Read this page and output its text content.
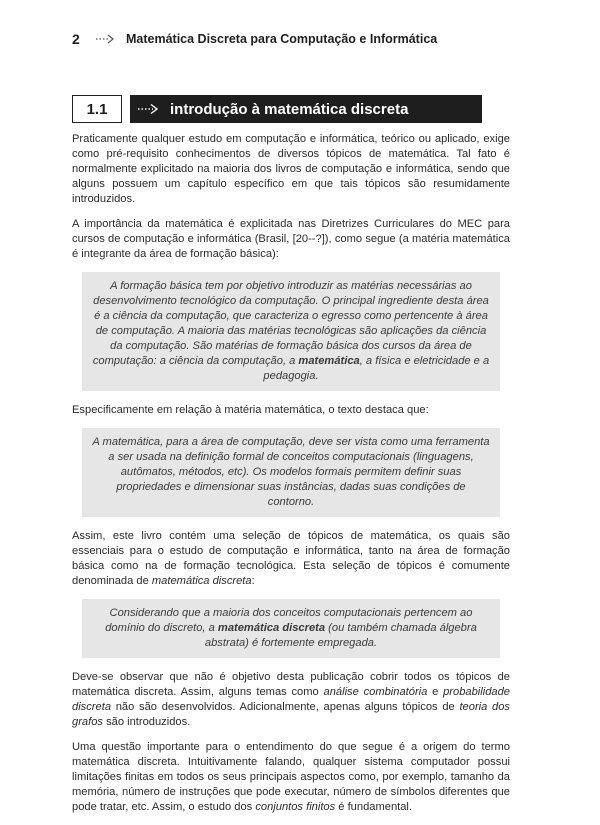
2	Matemática Discreta para Computação e Informática
1.1	introdução à matemática discreta

Praticamente qualquer estudo em computação e informática, teórico ou aplicado, exige como pré-requisito conhecimentos de diversos tópicos de matemática. Tal fato é normalmente explicitado na maioria dos livros de computação e informática, sendo que alguns possuem um capítulo específico em que tais tópicos são resumidamente introduzidos.

A importância da matemática é explicitada nas Diretrizes Curriculares do MEC para cursos de computação e informática (Brasil, [20--?]), como segue (a matéria matemática é integrante da área de formação básica):

A formação básica tem por objetivo introduzir as matérias necessárias ao desenvolvimento tecnológico da computação. O principal ingrediente desta área é a ciência da computação, que caracteriza o egresso como pertencente à área de computação. A maioria das matérias tecnológicas são aplicações da ciência da computação. São matérias de formação básica dos cursos da área de computação: a ciência da computação, a matemática, a física e eletricidade e a pedagogia.

Especificamente em relação à matéria matemática, o texto destaca que:

A matemática, para a área de computação, deve ser vista como uma ferramenta a ser usada na definição formal de conceitos computacionais (linguagens, autômatos, métodos, etc). Os modelos formais permitem definir suas propriedades e dimensionar suas instâncias, dadas suas condições de contorno.

Assim, este livro contém uma seleção de tópicos de matemática, os quais são essenciais para o estudo de computação e informática, tanto na área de formação básica como na de formação tecnológica. Esta seleção de tópicos é comumente denominada de matemática discreta:

Considerando que a maioria dos conceitos computacionais pertencem ao domínio do discreto, a matemática discreta (ou também chamada álgebra abstrata) é fortemente empregada.

Deve-se observar que não é objetivo desta publicação cobrir todos os tópicos de matemática discreta. Assim, alguns temas como análise combinatória e probabilidade discreta não são desenvolvidos. Adicionalmente, apenas alguns tópicos de teoria dos grafos são introduzidos.

Uma questão importante para o entendimento do que segue é a origem do termo matemática discreta. Intuitivamente falando, qualquer sistema computador possui limitações finitas em todos os seus principais aspectos como, por exemplo, tamanho da memória, número de instruções que pode executar, número de símbolos diferentes que pode tratar, etc. Assim, o estudo dos conjuntos finitos é fundamental.
